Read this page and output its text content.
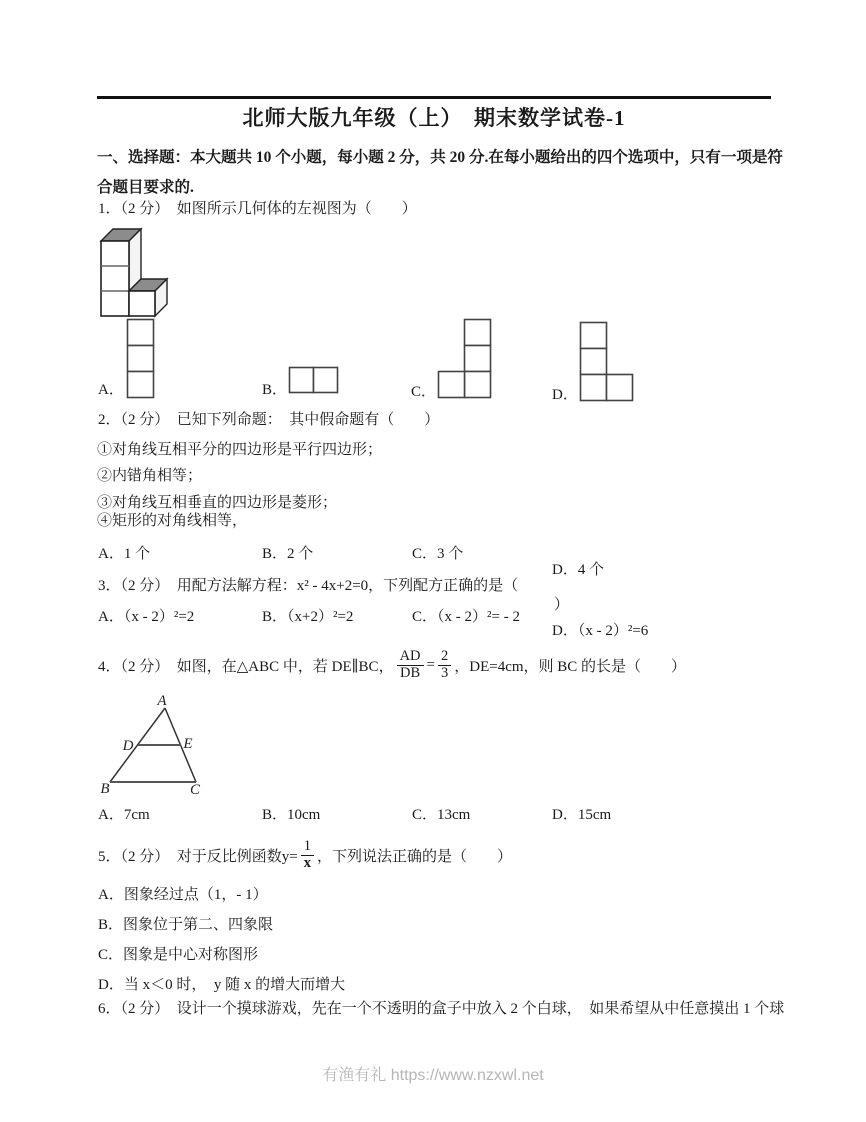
北师大版九年级（上）　期末数学试卷-1
一、选择题：本大题共 10 个小题，每小题 2 分，共 20 分.在每小题给出的四个选项中，只有一项是符
合题目要求的.
1．（2 分）　如图所示几何体的左视图为（　　）
A．	B．	C．	D．
2．（2 分）　已知下列命题：　其中假命题有（　　）
①对角线互相平分的四边形是平行四边形；
②内错角相等；
③对角线互相垂直的四边形是菱形；
④矩形的对角线相等，
A．1 个	B．2 个	C．3 个
D．4 个
3．（2 分）　用配方法解方程：x² - 4x+2=0，下列配方正确的是（
）
A．（x - 2）²=2	B．（x+2）²=2	C．（x - 2）²= - 2
D．（x - 2）²=6
4．（2 分）　如图，在△ABC 中，若 DE∥BC， $\frac{AD}{DB} = \frac{2}{3}$ ，DE=4cm，则 BC 的长是（　　）
A
D	E
B	C
A．7cm	B．10cm	C．13cm	D．15cm
5．（2 分）　对于反比例函数$y= \frac{1}{x}$ ，下列说法正确的是（　　）
A．图象经过点（1，- 1）
B．图象位于第二、四象限
C．图象是中心对称图形
D．当 x＜0 时，　y 随 x 的增大而增大
6．（2 分）　设计一个摸球游戏，先在一个不透明的盒子中放入 2 个白球，　如果希望从中任意摸出 1 个球
有渔有礼 https://www.nzxwl.net
